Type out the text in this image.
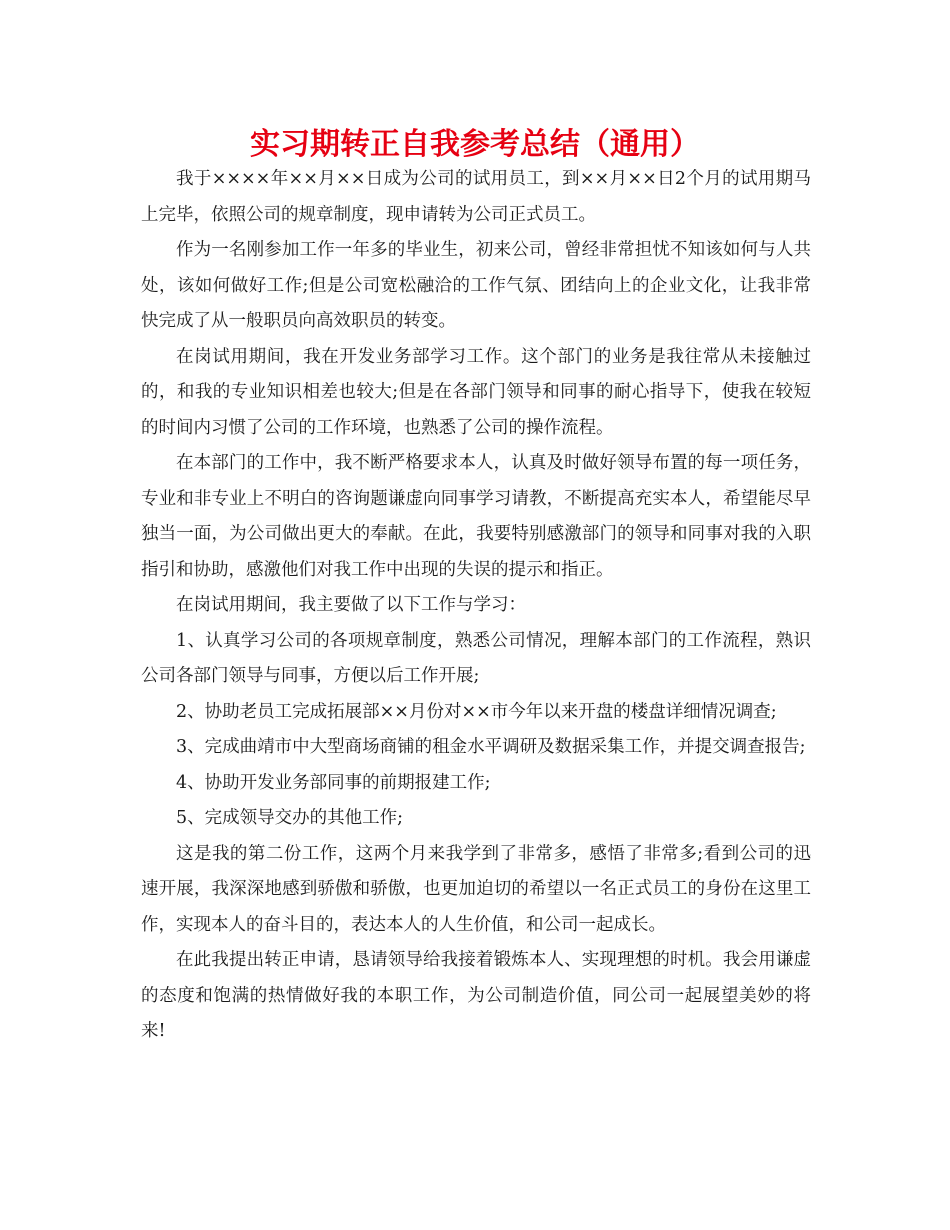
实习期转正自我参考总结（通用）

我于××××年××月××日成为公司的试用员工，到××月××日2个月的试用期马上完毕，依照公司的规章制度，现申请转为公司正式员工。

作为一名刚参加工作一年多的毕业生，初来公司，曾经非常担忧不知该如何与人共处，该如何做好工作;但是公司宽松融洽的工作气氛、团结向上的企业文化，让我非常快完成了从一般职员向高效职员的转变。

在岗试用期间，我在开发业务部学习工作。这个部门的业务是我往常从未接触过的，和我的专业知识相差也较大;但是在各部门领导和同事的耐心指导下，使我在较短的时间内习惯了公司的工作环境，也熟悉了公司的操作流程。

在本部门的工作中，我不断严格要求本人，认真及时做好领导布置的每一项任务，专业和非专业上不明白的咨询题谦虚向同事学习请教，不断提高充实本人，希望能尽早独当一面，为公司做出更大的奉献。在此，我要特别感激部门的领导和同事对我的入职指引和协助，感激他们对我工作中出现的失误的提示和指正。

在岗试用期间，我主要做了以下工作与学习：

1、认真学习公司的各项规章制度，熟悉公司情况，理解本部门的工作流程，熟识公司各部门领导与同事，方便以后工作开展;

2、协助老员工完成拓展部××月份对××市今年以来开盘的楼盘详细情况调查;

3、完成曲靖市中大型商场商铺的租金水平调研及数据采集工作，并提交调查报告;

4、协助开发业务部同事的前期报建工作;

5、完成领导交办的其他工作;

这是我的第二份工作，这两个月来我学到了非常多，感悟了非常多;看到公司的迅速开展，我深深地感到骄傲和骄傲，也更加迫切的希望以一名正式员工的身份在这里工作，实现本人的奋斗目的，表达本人的人生价值，和公司一起成长。

在此我提出转正申请，恳请领导给我接着锻炼本人、实现理想的时机。我会用谦虚的态度和饱满的热情做好我的本职工作，为公司制造价值，同公司一起展望美妙的将来!
